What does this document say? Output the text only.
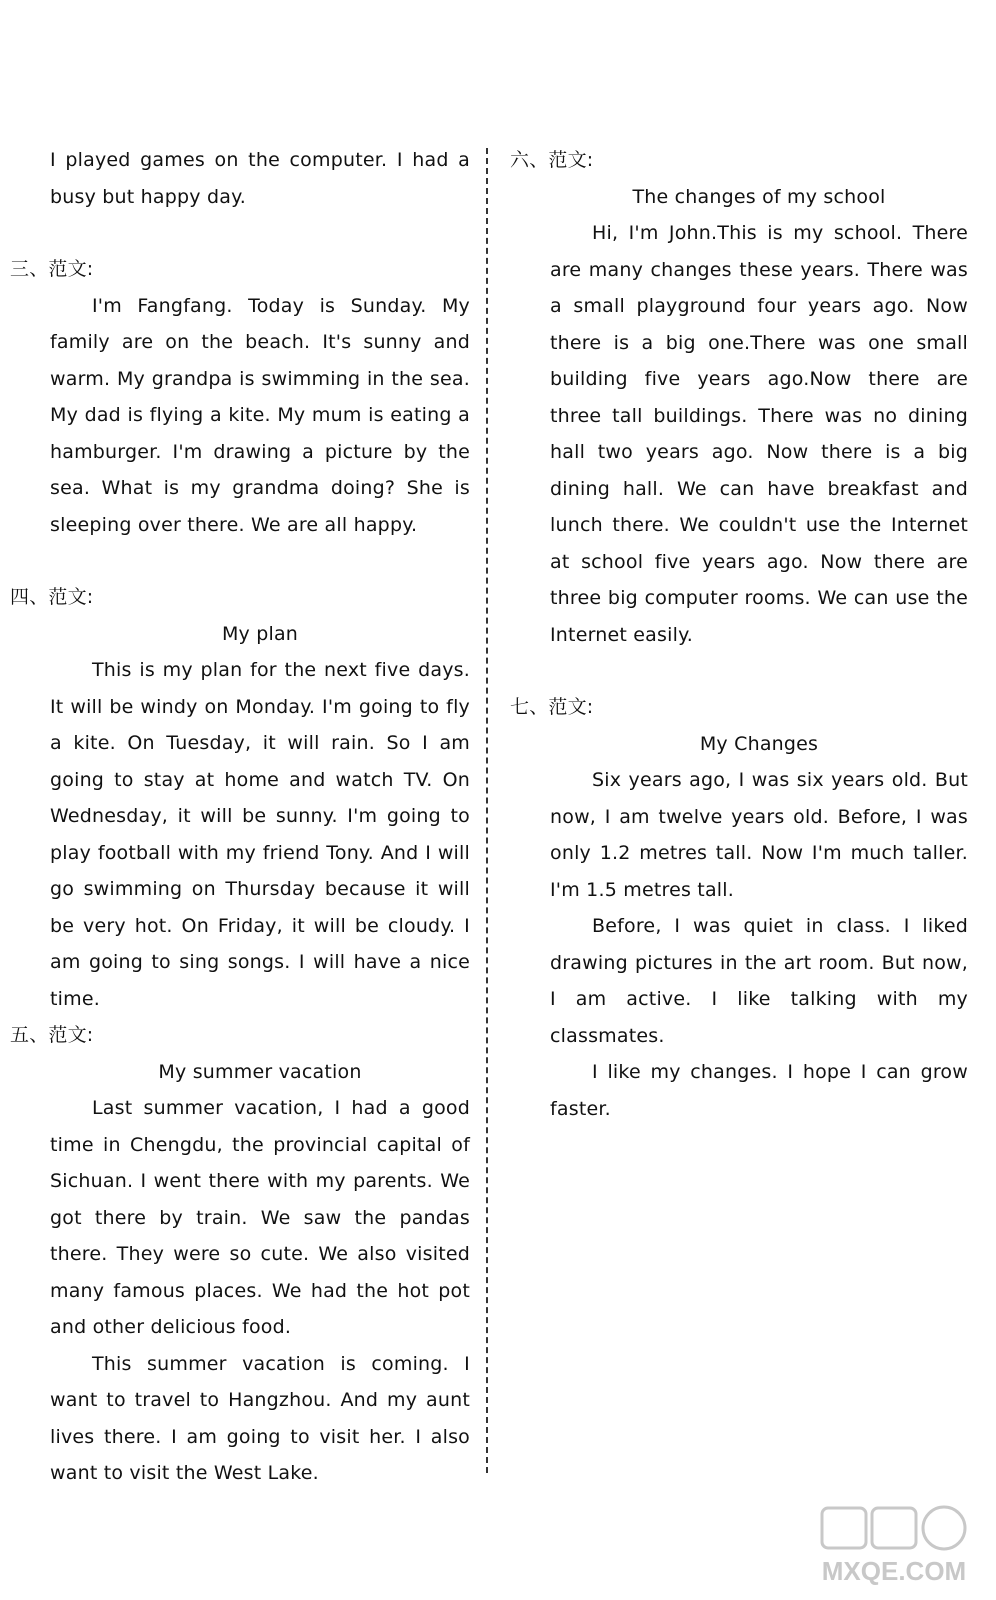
I played games on the computer. I had a busy but happy day.

三、范文:

I'm Fangfang. Today is Sunday. My family are on the beach. It's sunny and warm. My grandpa is swimming in the sea. My dad is flying a kite. My mum is eating a hamburger. I'm drawing a picture by the sea. What is my grandma doing? She is sleeping over there. We are all happy.

四、范文:

My plan

This is my plan for the next five days. It will be windy on Monday. I'm going to fly a kite. On Tuesday, it will rain. So I am going to stay at home and watch TV. On Wednesday, it will be sunny. I'm going to play football with my friend Tony. And I will go swimming on Thursday because it will be very hot. On Friday, it will be cloudy. I am going to sing songs. I will have a nice time.

五、范文:

My summer vacation

Last summer vacation, I had a good time in Chengdu, the provincial capital of Sichuan. I went there with my parents. We got there by train. We saw the pandas there. They were so cute. We also visited many famous places. We had the hot pot and other delicious food.

This summer vacation is coming. I want to travel to Hangzhou. And my aunt lives there. I am going to visit her. I also want to visit the West Lake.

六、范文:

The changes of my school

Hi, I'm John.This is my school. There are many changes these years. There was a small playground four years ago. Now there is a big one.There was one small building five years ago.Now there are three tall buildings. There was no dining hall two years ago. Now there is a big dining hall. We can have breakfast and lunch there. We couldn't use the Internet at school five years ago. Now there are three big computer rooms. We can use the Internet easily.

七、范文:

My Changes

Six years ago, I was six years old. But now, I am twelve years old. Before, I was only 1.2 metres tall. Now I'm much taller. I'm 1.5 metres tall.

Before, I was quiet in class. I liked drawing pictures in the art room. But now, I am active. I like talking with my classmates.

I like my changes. I hope I can grow faster.

MXQE.COM
